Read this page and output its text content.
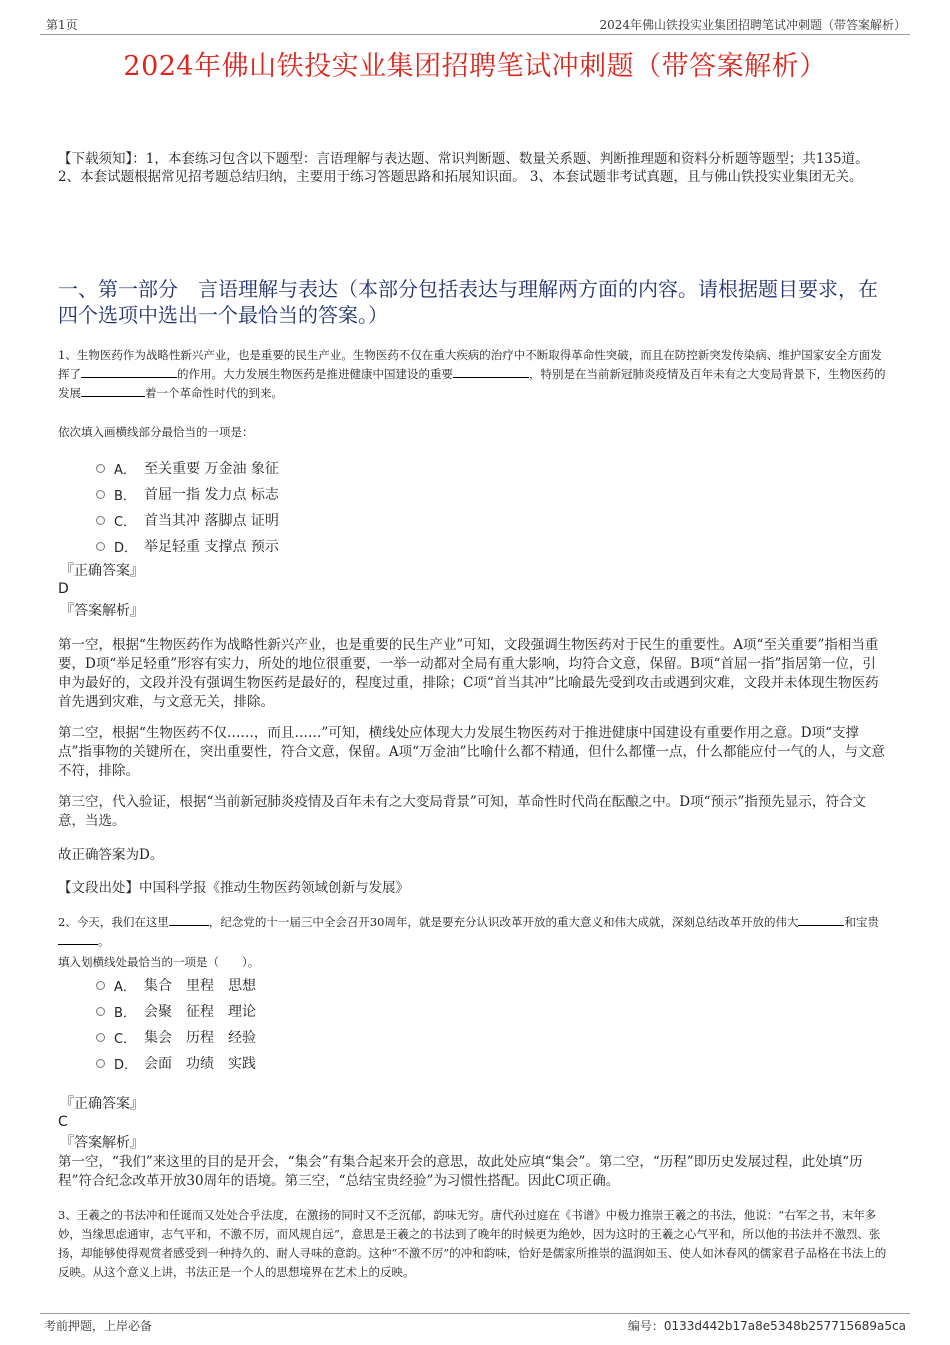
第1页	2024年佛山铁投实业集团招聘笔试冲刺题（带答案解析）
2024年佛山铁投实业集团招聘笔试冲刺题（带答案解析）
【下载须知】：1，本套练习包含以下题型：言语理解与表达题、常识判断题、数量关系题、判断推理题和资料分析题等题型；共135道。 2、本套试题根据常见招考题总结归纳，主要用于练习答题思路和拓展知识面。 3、本套试题非考试真题，且与佛山铁投实业集团无关。
一、第一部分　言语理解与表达（本部分包括表达与理解两方面的内容。请根据题目要求，在四个选项中选出一个最恰当的答案。）
1、生物医药作为战略性新兴产业，也是重要的民生产业。生物医药不仅在重大疾病的治疗中不断取得革命性突破，而且在防控新突发传染病、维护国家安全方面发挥了	的作用。大力发展生物医药是推进健康中国建设的重要	，特别是在当前新冠肺炎疫情及百年未有之大变局背景下，生物医药的发展	着一个革命性时代的到来。
依次填入画横线部分最恰当的一项是：
A． 至关重要 万金油 象征
B． 首屈一指 发力点 标志
C． 首当其冲 落脚点 证明
D． 举足轻重 支撑点 预示
『正确答案』
D
『答案解析』
第一空，根据“生物医药作为战略性新兴产业，也是重要的民生产业”可知，文段强调生物医药对于民生的重要性。A项“至关重要”指相当重要，D项“举足轻重”形容有实力，所处的地位很重要，一举一动都对全局有重大影响，均符合文意，保留。B项“首屈一指”指居第一位，引申为最好的，文段并没有强调生物医药是最好的，程度过重，排除；C项“首当其冲”比喻最先受到攻击或遇到灾难，文段并未体现生物医药首先遇到灾难，与文意无关，排除。
第二空，根据“生物医药不仅……，而且……”可知，横线处应体现大力发展生物医药对于推进健康中国建设有重要作用之意。D项“支撑点”指事物的关键所在，突出重要性，符合文意，保留。A项“万金油”比喻什么都不精通，但什么都懂一点，什么都能应付一气的人，与文意不符，排除。
第三空，代入验证，根据“当前新冠肺炎疫情及百年未有之大变局背景”可知，革命性时代尚在酝酿之中。D项“预示”指预先显示，符合文意，当选。
故正确答案为D。
【文段出处】中国科学报《推动生物医药领域创新与发展》
2、今天，我们在这里	，纪念党的十一届三中全会召开30周年，就是要充分认识改革开放的重大意义和伟大成就，深刻总结改革开放的伟大	和宝贵。
填入划横线处最恰当的一项是（　　）。
A． 集合　里程　思想
B． 会聚　征程　理论
C． 集会　历程　经验
D． 会面　功绩　实践
『正确答案』
C
『答案解析』
第一空，“我们”来这里的目的是开会，“集会”有集合起来开会的意思，故此处应填“集会”。第二空，“历程”即历史发展过程，此处填“历程”符合纪念改革开放30周年的语境。第三空，“总结宝贵经验”为习惯性搭配。因此C项正确。
3、王羲之的书法冲和任诞而又处处合乎法度，在激扬的同时又不乏沉郁，韵味无穷。唐代孙过庭在《书谱》中极力推崇王羲之的书法，他说：“右军之书，末年多妙，当缘思虑通审，志气平和，不激不厉，而风规自远”，意思是王羲之的书法到了晚年的时候更为绝妙，因为这时的王羲之心气平和，所以他的书法并不激烈、张扬，却能够使得观赏者感受到一种持久的、耐人寻味的意韵。这种“不激不厉”的冲和韵味，恰好是儒家所推崇的温润如玉、使人如沐春风的儒家君子品格在书法上的反映。从这个意义上讲，书法正是一个人的思想境界在艺术上的反映。
考前押题，上岸必备	编号：0133d442b17a8e5348b257715689a5ca
